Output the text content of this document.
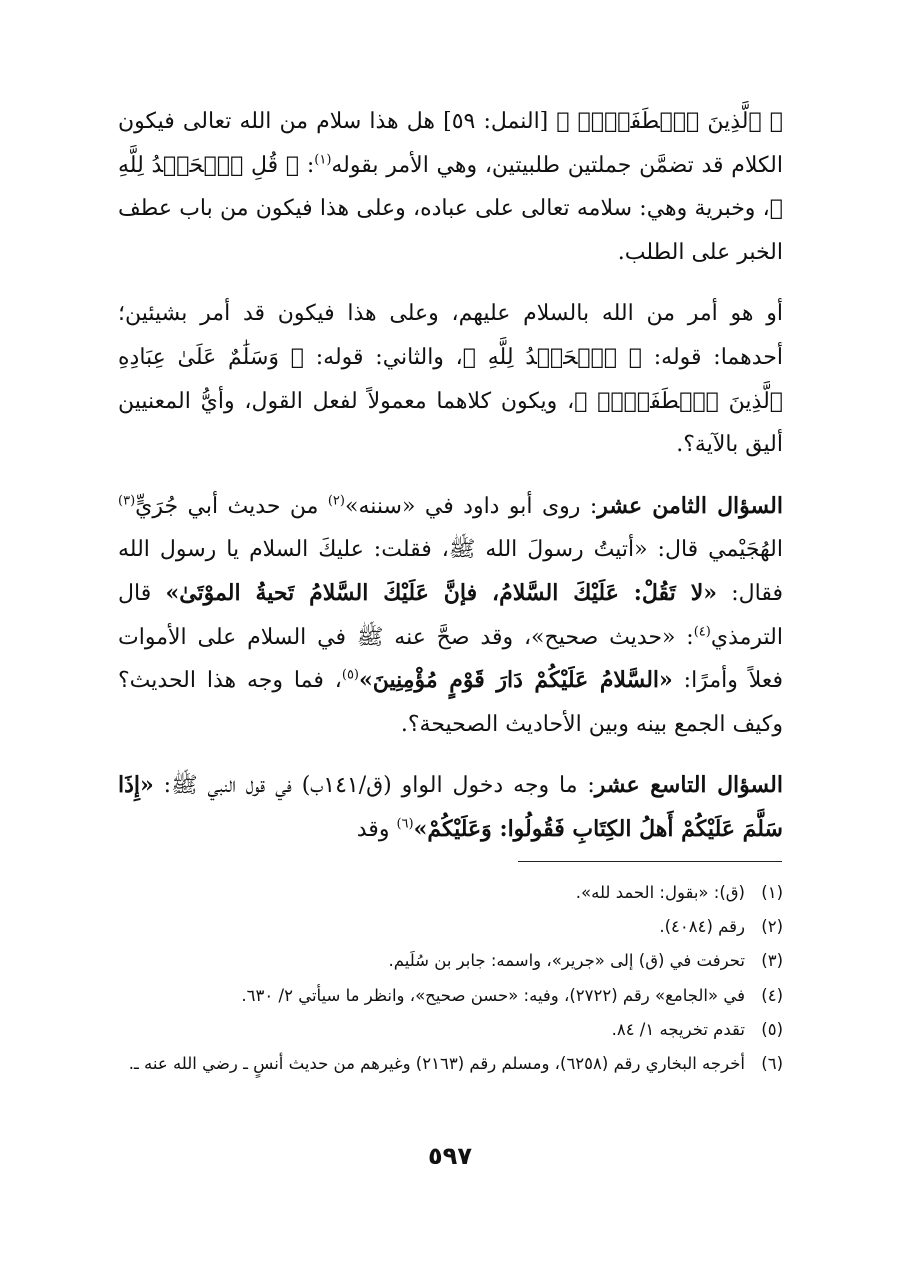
﴿ ٱلَّذِينَ ٱصۡطَفَىٰٓۗ ﴾ [النمل: ٥٩] هل هذا سلام من الله تعالى فيكون الكلام قد تضمَّن جملتين طلبيتين، وهي الأمر بقوله$^{(١)}$: ﴿ قُلِ ٱلۡحَمۡدُ لِلَّهِ ﴾، وخبرية وهي: سلامه تعالى على عباده، وعلى هذا فيكون من باب عطف الخبر على الطلب.

أو هو أمر من الله بالسلام عليهم، وعلى هذا فيكون قد أمر بشيئين؛ أحدهما: قوله: ﴿ ٱلۡحَمۡدُ لِلَّهِ ﴾، والثاني: قوله: ﴿ وَسَلَٰمٌ عَلَىٰ عِبَادِهِ ٱلَّذِينَ ٱصۡطَفَىٰٓۗ ﴾، ويكون كلاهما معمولاً لفعل القول، وأيُّ المعنيين أليق بالآية؟.

السؤال الثامن عشر: روى أبو داود في «سننه»$^{(٢)}$ من حديث أبي جُرَيٍّ$^{(٣)}$ الهُجَيْمي قال: «أتيتُ رسولَ الله ﷺ، فقلت: عليكَ السلام يا رسول الله فقال: «لا تَقُلْ: عَلَيْكَ السَّلامُ، فإنَّ عَلَيْكَ السَّلامُ تَحيةُ الموْتَىٰ» قال الترمذي$^{(٤)}$: «حديث صحيح»، وقد صحَّ عنه ﷺ في السلام على الأموات فعلاً وأمرًا: «السَّلامُ عَلَيْكُمْ دَارَ قَوْمٍ مُؤْمِنِينَ»$^{(٥)}$، فما وجه هذا الحديث؟ وكيف الجمع بينه وبين الأحاديث الصحيحة؟.

السؤال التاسع عشر: ما وجه دخول الواو (ق/١٤١ب) في قول النبي ﷺ: «إِذَا سَلَّمَ عَلَيْكُمْ أَهلُ الكِتَابِ فَقُولُوا: وَعَلَيْكُمْ»$^{(٦)}$ وقد

(١)
(ق): «بقول: الحمد لله».
(٢)
رقم (٤٠٨٤).
(٣)
تحرفت في (ق) إلى «جرير»، واسمه: جابر بن سُلَيم.
(٤)
في «الجامع» رقم (٢٧٢٢)، وفيه: «حسن صحيح»، وانظر ما سيأتي ٢/ ٦٣٠.
(٥)
تقدم تخريجه ١/ ٨٤.
(٦)
أخرجه البخاري رقم (٦٢٥٨)، ومسلم رقم (٢١٦٣) وغيرهم من حديث أنسٍ ـ رضي الله عنه ـ.
٥٩٧
